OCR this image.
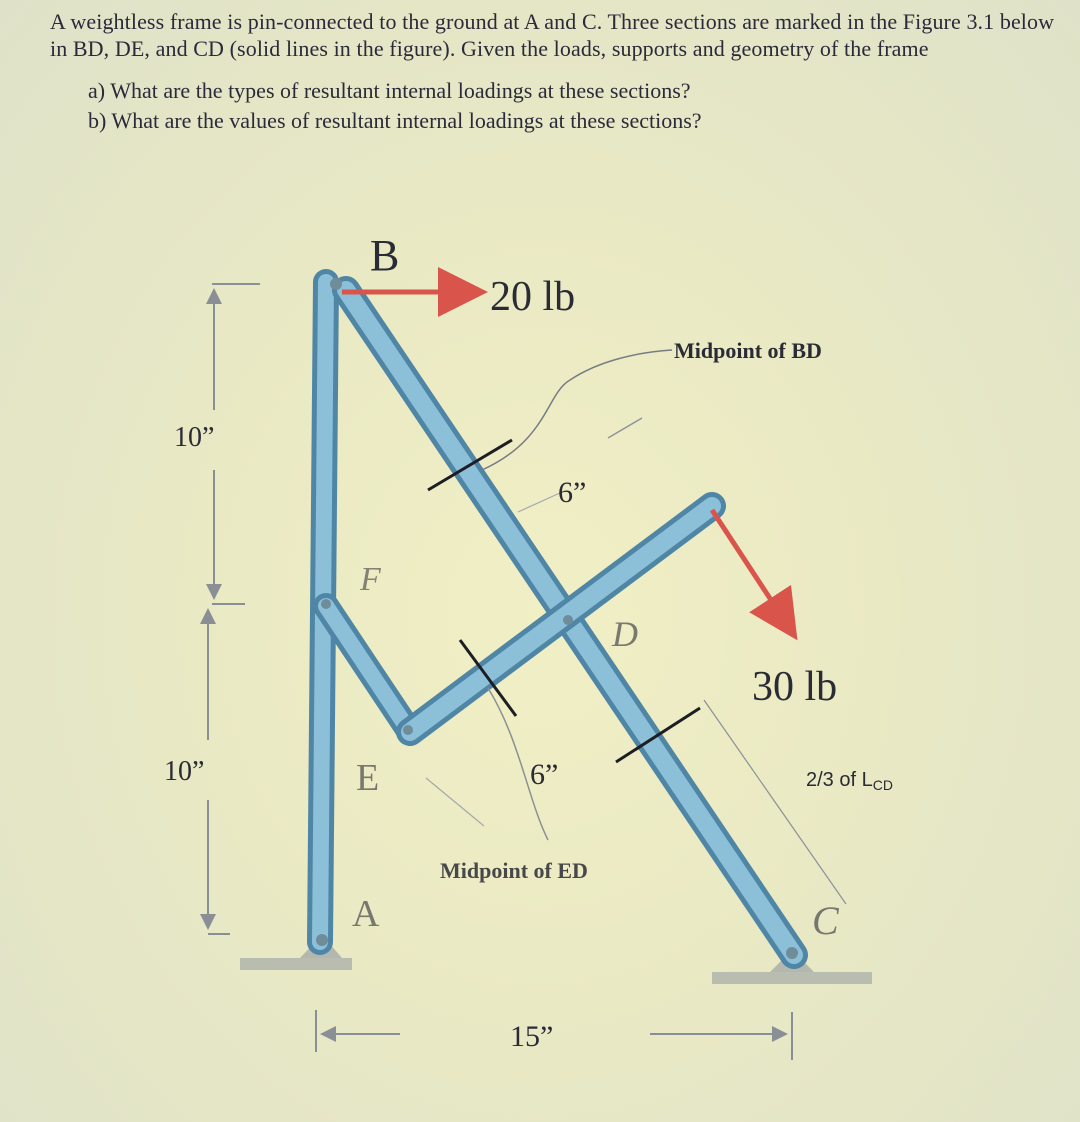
A weightless frame is pin-connected to the ground at A and C. Three sections are marked in the Figure 3.1 below in BD, DE, and CD (solid lines in the figure). Given the loads, supports and geometry of the frame

a) What are the types of resultant internal loadings at these sections?
b) What are the values of resultant internal loadings at these sections?
B
20 lb
Midpoint of BD
10”
6”
F
D
30 lb
10”	E	6”	2/3 of $L_{CD}$
Midpoint of ED
A	C
15”
